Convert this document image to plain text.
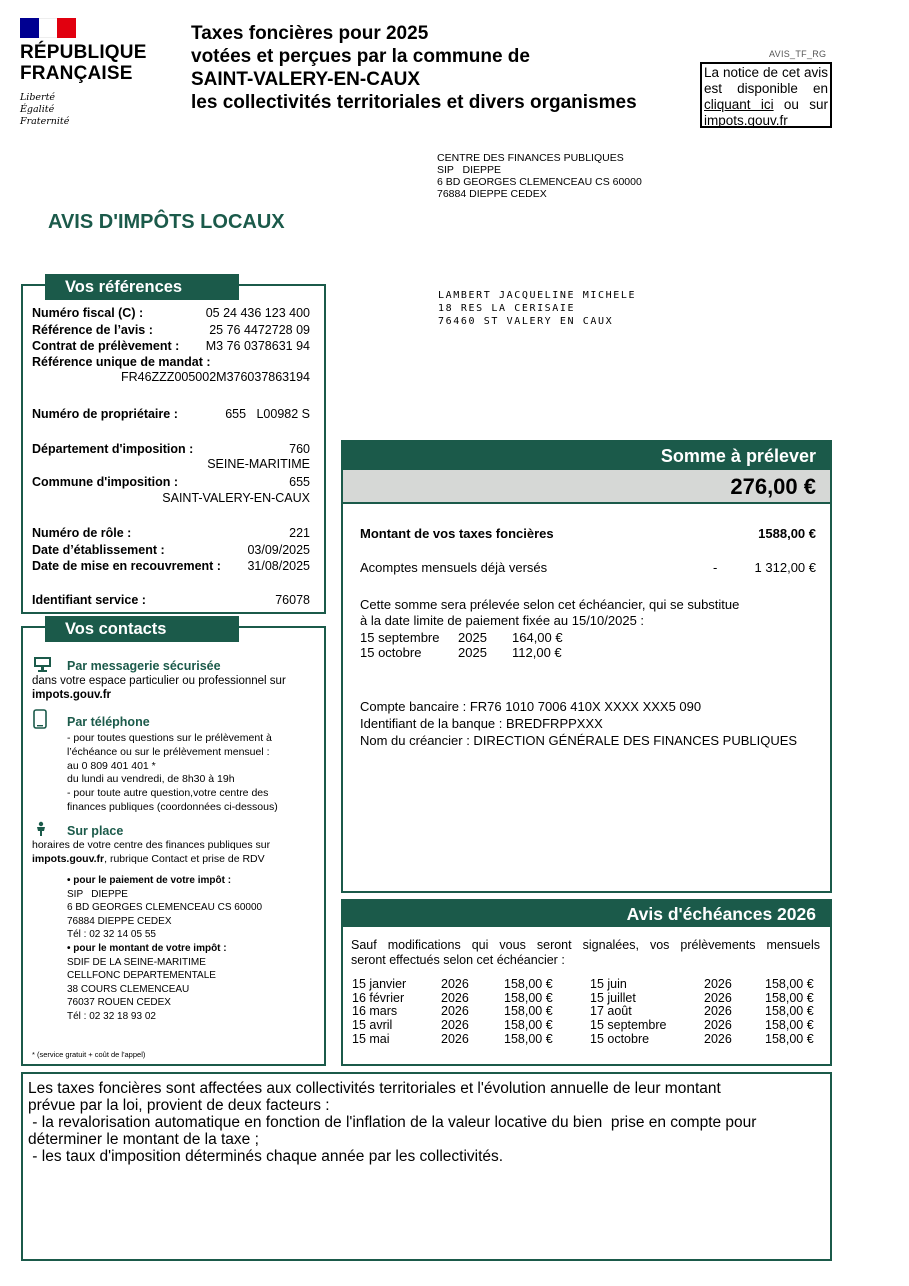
RÉPUBLIQUE
FRANÇAISE
Liberté
Égalité
Fraternité
Taxes foncières pour 2025
votées et perçues par la commune de
SAINT-VALERY-EN-CAUX
les collectivités territoriales et divers organismes
AVIS_TF_RG
La notice de cet avis est disponible en cliquant ici ou sur impots.gouv.fr
CENTRE DES FINANCES PUBLIQUES
SIP   DIEPPE
6 BD GEORGES CLEMENCEAU CS 60000
76884 DIEPPE CEDEX
AVIS D'IMPÔTS LOCAUX
LAMBERT JACQUELINE MICHELE
18 RES LA CERISAIE
76460 ST VALERY EN CAUX
Vos références
Numéro fiscal (C) :	05 24 436 123 400
Référence de l’avis :	25 76 4472728 09
Contrat de prélèvement : M3 76 0378631 94
Référence unique de mandat :
FR46ZZZ005002M376037863194
Numéro de propriétaire :	655   L00982 S
Département d'imposition :	760
SEINE-MARITIME
Commune d'imposition :	655
SAINT-VALERY-EN-CAUX
Numéro de rôle :	221
Date d’établissement :	03/09/2025
Date de mise en recouvrement : 31/08/2025
Identifiant service :	76078
Vos contacts
Par messagerie sécurisée
dans votre espace particulier ou professionnel sur
impots.gouv.fr
Par téléphone
- pour toutes questions sur le prélèvement à
l’échéance ou sur le prélèvement mensuel :
au 0 809 401 401 *
du lundi au vendredi, de 8h30 à 19h
- pour toute autre question,votre centre des
finances publiques (coordonnées ci-dessous)
Sur place
horaires de votre centre des finances publiques sur
impots.gouv.fr, rubrique Contact et prise de RDV
• pour le paiement de votre impôt :
SIP   DIEPPE
6 BD GEORGES CLEMENCEAU CS 60000
76884 DIEPPE CEDEX
Tél : 02 32 14 05 55
• pour le montant de votre impôt :
SDIF DE LA SEINE-MARITIME
CELLFONC DEPARTEMENTALE
38 COURS CLEMENCEAU
76037 ROUEN CEDEX
Tél : 02 32 18 93 02
* (service gratuit + coût de l'appel)
Somme à prélever
276,00 €
Montant de vos taxes foncières	1588,00 €
Acomptes mensuels déjà versés	-	1 312,00 €
Cette somme sera prélevée selon cet échéancier, qui se substitue
à la date limite de paiement fixée au 15/10/2025 :
15 septembre 2025 164,00 €
15 octobre	2025 112,00 €
Compte bancaire : FR76 1010 7006 410X XXXX XXX5 090
Identifiant de la banque : BREDFRPPXXX
Nom du créancier : DIRECTION GÉNÉRALE DES FINANCES PUBLIQUES
Avis d'échéances 2026
Sauf modifications qui vous seront signalées, vos prélèvements mensuels
seront effectués selon cet échéancier :
15 janvier	2026	158,00 €	15 juin	2026	158,00 €
16 février	2026	158,00 €	15 juillet	2026	158,00 €
16 mars	2026	158,00 €	17 août	2026	158,00 €
15 avril	2026	158,00 €	15 septembre	2026	158,00 €
15 mai	2026	158,00 €	15 octobre	2026	158,00 €
Les taxes foncières sont affectées aux collectivités territoriales et l'évolution annuelle de leur montant
prévue par la loi, provient de deux facteurs :
- la revalorisation automatique en fonction de l'inflation de la valeur locative du bien  prise en compte pour
déterminer le montant de la taxe ;
- les taux d'imposition déterminés chaque année par les collectivités.
